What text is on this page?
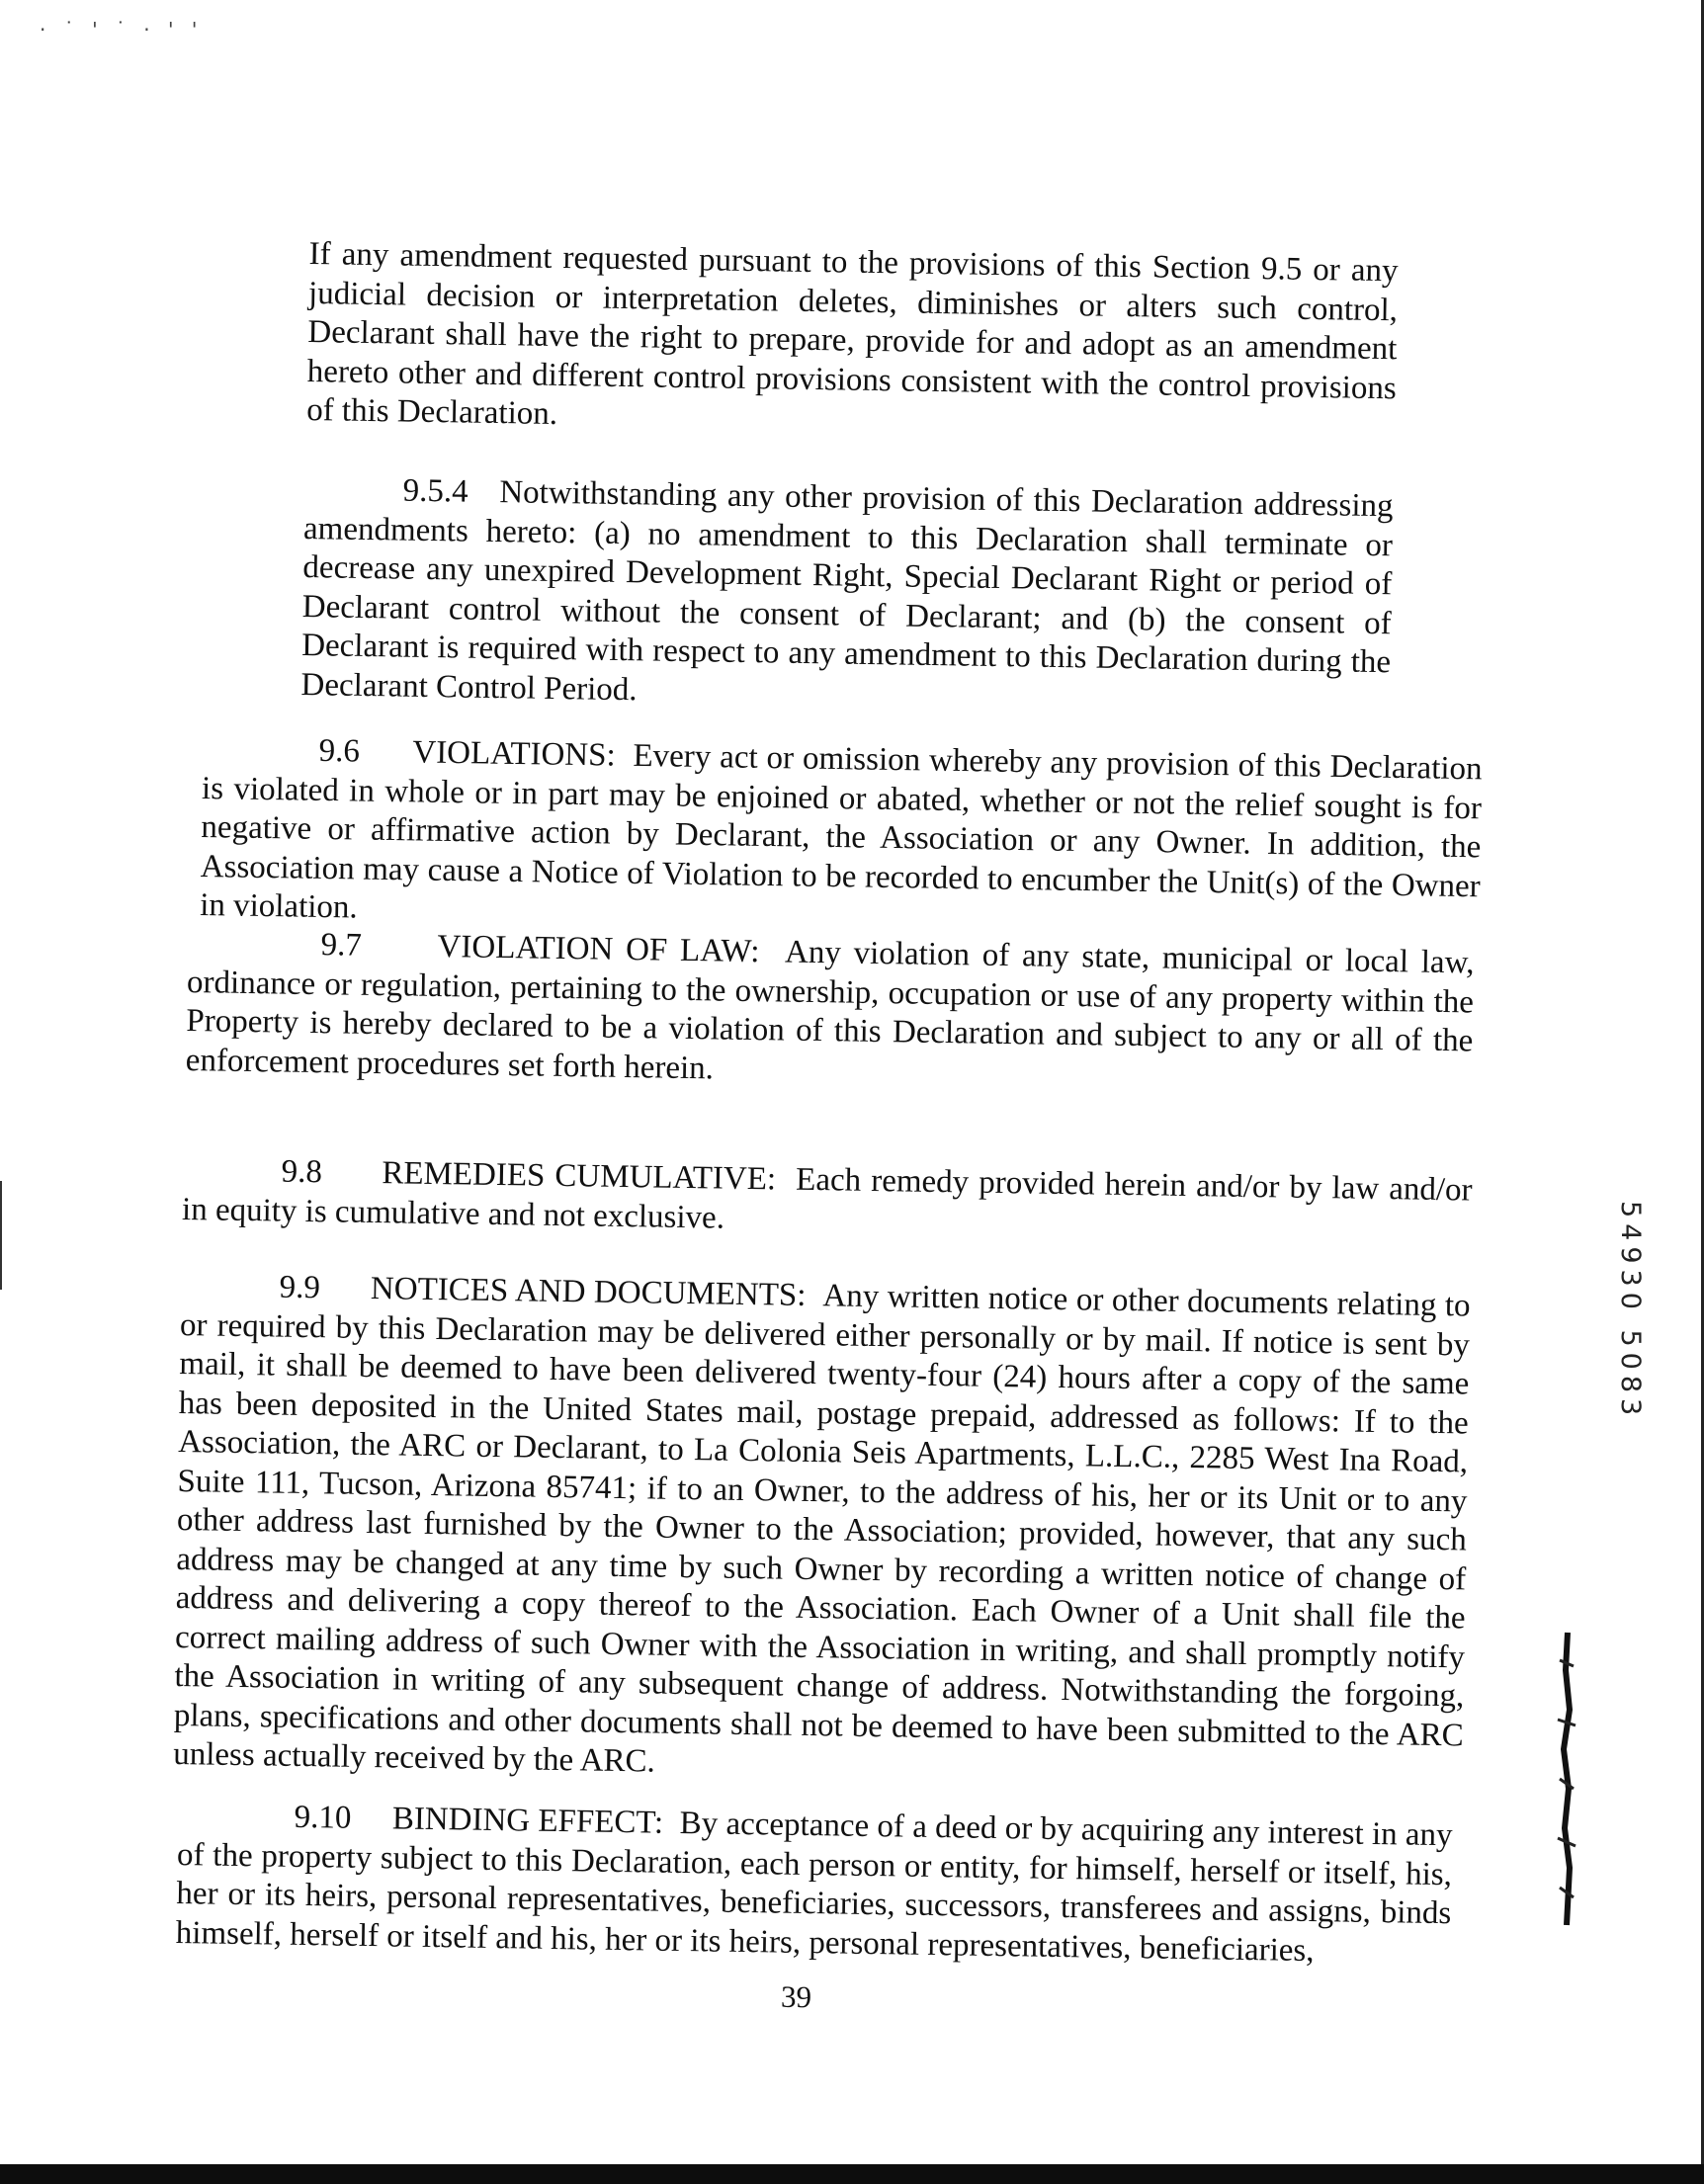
· ˙ ' ˙ · ' '
If any amendment requested pursuant to the provisions of this Section 9.5 or any judicial decision or interpretation deletes, diminishes or alters such control, Declarant shall have the right to prepare, provide for and adopt as an amendment hereto other and different control provisions consistent with the control provisions of this Declaration.
9.5.4 Notwithstanding any other provision of this Declaration addressing amendments hereto: (a) no amendment to this Declaration shall terminate or decrease any unexpired Development Right, Special Declarant Right or period of Declarant control without the consent of Declarant; and (b) the consent of Declarant is required with respect to any amendment to this Declaration during the Declarant Control Period.
9.6 VIOLATIONS: Every act or omission whereby any provision of this Declaration is violated in whole or in part may be enjoined or abated, whether or not the relief sought is for negative or affirmative action by Declarant, the Association or any Owner. In addition, the Association may cause a Notice of Violation to be recorded to encumber the Unit(s) of the Owner in violation.
9.7 VIOLATION OF LAW: Any violation of any state, municipal or local law, ordinance or regulation, pertaining to the ownership, occupation or use of any property within the Property is hereby declared to be a violation of this Declaration and subject to any or all of the enforcement procedures set forth herein.
9.8 REMEDIES CUMULATIVE: Each remedy provided herein and/or by law and/or in equity is cumulative and not exclusive.
9.9 NOTICES AND DOCUMENTS: Any written notice or other documents relating to or required by this Declaration may be delivered either personally or by mail. If notice is sent by mail, it shall be deemed to have been delivered twenty-four (24) hours after a copy of the same has been deposited in the United States mail, postage prepaid, addressed as follows: If to the Association, the ARC or Declarant, to La Colonia Seis Apartments, L.L.C., 2285 West Ina Road, Suite 111, Tucson, Arizona 85741; if to an Owner, to the address of his, her or its Unit or to any other address last furnished by the Owner to the Association; provided, however, that any such address may be changed at any time by such Owner by recording a written notice of change of address and delivering a copy thereof to the Association. Each Owner of a Unit shall file the correct mailing address of such Owner with the Association in writing, and shall promptly notify the Association in writing of any subsequent change of address. Notwithstanding the forgoing, plans, specifications and other documents shall not be deemed to have been submitted to the ARC unless actually received by the ARC.
9.10 BINDING EFFECT: By acceptance of a deed or by acquiring any interest in any of the property subject to this Declaration, each person or entity, for himself, herself or itself, his, her or its heirs, personal representatives, beneficiaries, successors, transferees and assigns, binds himself, herself or itself and his, her or its heirs, personal representatives, beneficiaries,
39
54930 5083
